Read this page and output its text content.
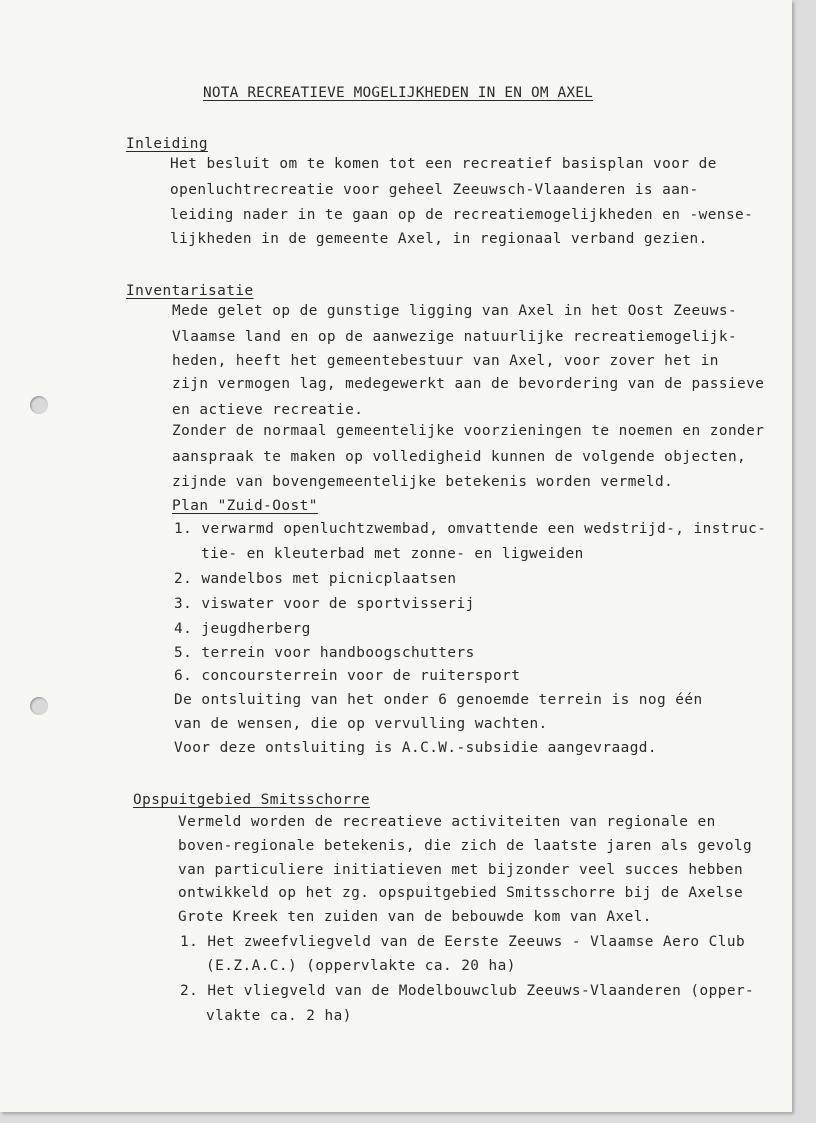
NOTA RECREATIEVE MOGELIJKHEDEN IN EN OM AXEL
Inleiding
Het besluit om te komen tot een recreatief basisplan voor de
openluchtrecreatie voor geheel Zeeuwsch-Vlaanderen is aan-
leiding nader in te gaan op de recreatiemogelijkheden en -wense-
lijkheden in de gemeente Axel, in regionaal verband gezien.
Inventarisatie
Mede gelet op de gunstige ligging van Axel in het Oost Zeeuws-
Vlaamse land en op de aanwezige natuurlijke recreatiemogelijk-
heden, heeft het gemeentebestuur van Axel, voor zover het in
zijn vermogen lag, medegewerkt aan de bevordering van de passieve
en actieve recreatie.
Zonder de normaal gemeentelijke voorzieningen te noemen en zonder
aanspraak te maken op volledigheid kunnen de volgende objecten,
zijnde van bovengemeentelijke betekenis worden vermeld.
Plan "Zuid-Oost"
1. verwarmd openluchtzwembad, omvattende een wedstrijd-, instruc-
tie- en kleuterbad met zonne- en ligweiden
2. wandelbos met picnicplaatsen
3. viswater voor de sportvisserij
4. jeugdherberg
5. terrein voor handboogschutters
6. concoursterrein voor de ruitersport
De ontsluiting van het onder 6 genoemde terrein is nog één
van de wensen, die op vervulling wachten.
Voor deze ontsluiting is A.C.W.-subsidie aangevraagd.
Opspuitgebied Smitsschorre
Vermeld worden de recreatieve activiteiten van regionale en
boven-regionale betekenis, die zich de laatste jaren als gevolg
van particuliere initiatieven met bijzonder veel succes hebben
ontwikkeld op het zg. opspuitgebied Smitsschorre bij de Axelse
Grote Kreek ten zuiden van de bebouwde kom van Axel.
1. Het zweefvliegveld van de Eerste Zeeuws - Vlaamse Aero Club
(E.Z.A.C.) (oppervlakte ca. 20 ha)
2. Het vliegveld van de Modelbouwclub Zeeuws-Vlaanderen (opper-
vlakte ca. 2 ha)
